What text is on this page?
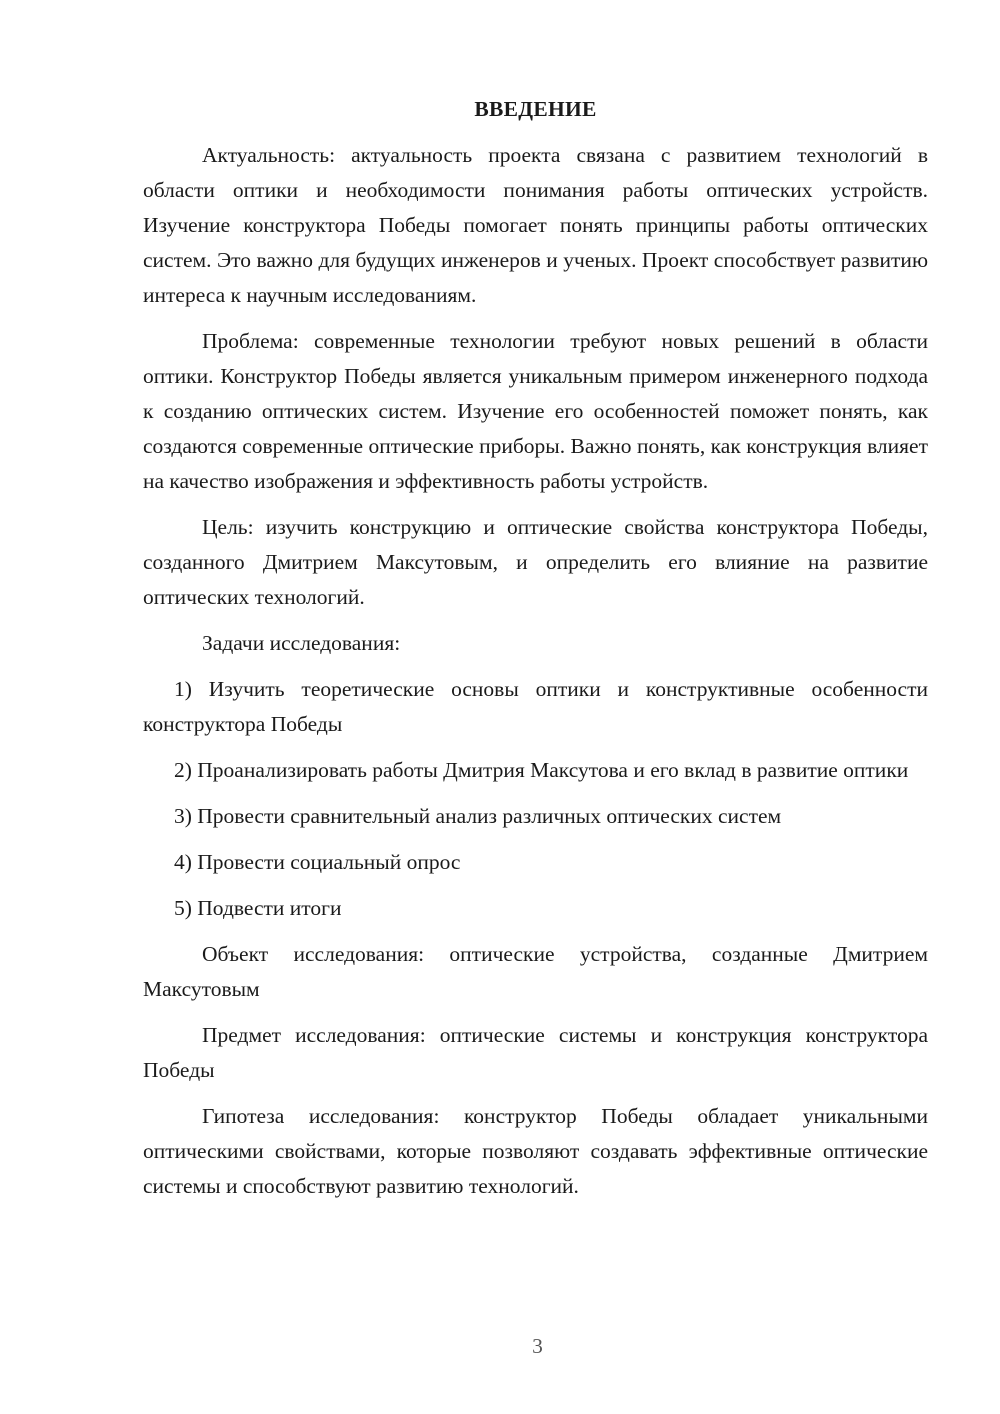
ВВЕДЕНИЕ

Актуальность: актуальность проекта связана с развитием технологий в области оптики и необходимости понимания работы оптических устройств. Изучение конструктора Победы помогает понять принципы работы оптических систем. Это важно для будущих инженеров и ученых. Проект способствует развитию интереса к научным исследованиям.

Проблема: современные технологии требуют новых решений в области оптики. Конструктор Победы является уникальным примером инженерного подхода к созданию оптических систем. Изучение его особенностей поможет понять, как создаются современные оптические приборы. Важно понять, как конструкция влияет на качество изображения и эффективность работы устройств.

Цель: изучить конструкцию и оптические свойства конструктора Победы, созданного Дмитрием Максутовым, и определить его влияние на развитие оптических технологий.

Задачи исследования:

1) Изучить теоретические основы оптики и конструктивные особенности конструктора Победы

2) Проанализировать работы Дмитрия Максутова и его вклад в развитие оптики

3) Провести сравнительный анализ различных оптических систем

4) Провести социальный опрос

5) Подвести итоги

Объект исследования: оптические устройства, созданные Дмитрием Максутовым

Предмет исследования: оптические системы и конструкция конструктора Победы

Гипотеза исследования: конструктор Победы обладает уникальными оптическими свойствами, которые позволяют создавать эффективные оптические системы и способствуют развитию технологий.

3
